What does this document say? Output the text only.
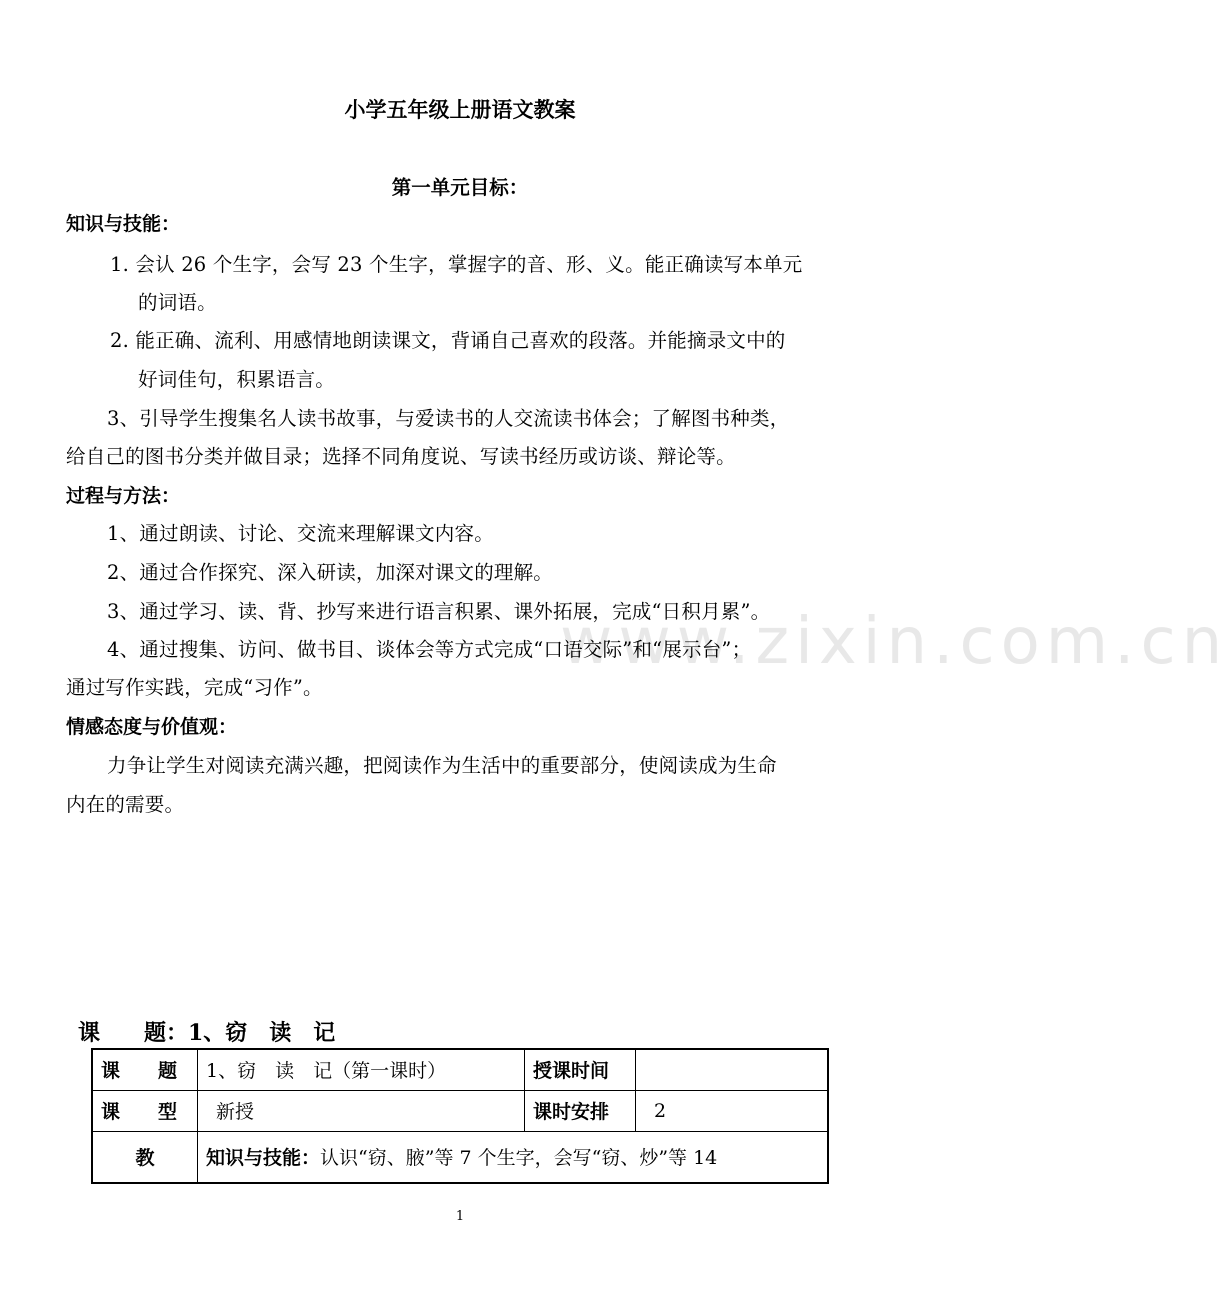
www.zixin.com.cn
小学五年级上册语文教案
第一单元目标：
知识与技能：
1. 会认 26 个生字，会写 23 个生字，掌握字的音、形、义。能正确读写本单元
的词语。
2. 能正确、流利、用感情地朗读课文，背诵自己喜欢的段落。并能摘录文中的
好词佳句，积累语言。
3、引导学生搜集名人读书故事，与爱读书的人交流读书体会；了解图书种类，
给自己的图书分类并做目录；选择不同角度说、写读书经历或访谈、辩论等。
过程与方法：
1、通过朗读、讨论、交流来理解课文内容。
2、通过合作探究、深入研读，加深对课文的理解。
3、通过学习、读、背、抄写来进行语言积累、课外拓展，完成“日积月累”。
4、通过搜集、访问、做书目、谈体会等方式完成“口语交际”和“展示台”；
通过写作实践，完成“习作”。
情感态度与价值观：
力争让学生对阅读充满兴趣，把阅读作为生活中的重要部分，使阅读成为生命
内在的需要。
课　　题：1、窃　读　记
课　　题	1、窃　读　记（第一课时）	授课时间	
课　　型	新授	课时安排	2
教	知识与技能：认识“窃、腋”等 7 个生字，会写“窃、炒”等 14		
1
